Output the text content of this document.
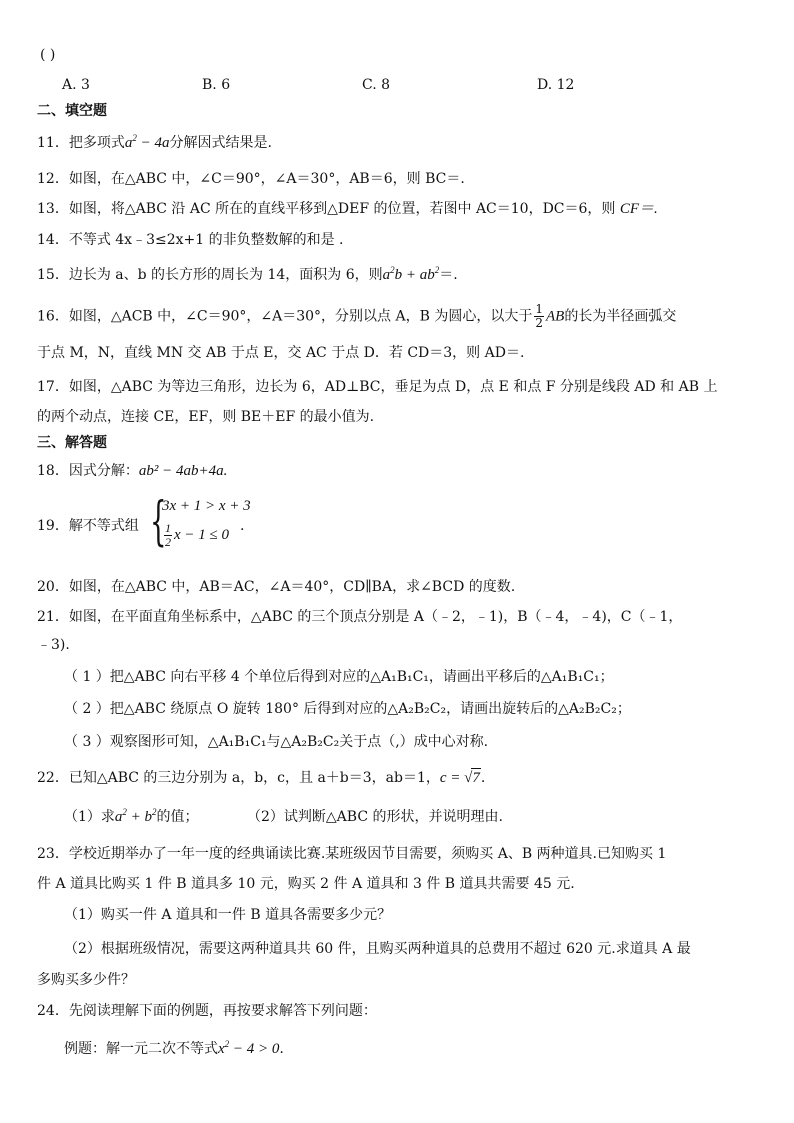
( )
A. 3	B. 6	C. 8	D. 12
二、填空题
11．把多项式$a^2 - 4a$分解因式结果是.
12．如图，在△ABC 中，∠C＝90°，∠A＝30°，AB＝6，则 BC＝.
13．如图，将△ABC 沿 AC 所在的直线平移到△DEF 的位置，若图中 AC＝10，DC＝6，则 CF＝.
14．不等式 4x﹣3≤2x+1 的非负整数解的和是 .
15．边长为 a、b 的长方形的周长为 14，面积为 6，则$a^2b + ab^2=$.
16．如图，△ACB 中，∠C＝90°，∠A＝30°，分别以点 A，B 为圆心，以大于 $\frac{1}{2}$ AB的长为半径画弧交
于点 M，N，直线 MN 交 AB 于点 E，交 AC 于点 D．若 CD＝3，则 AD＝.
17．如图，△ABC 为等边三角形，边长为 6，AD⊥BC，垂足为点 D，点 E 和点 F 分别是线段 AD 和 AB 上
的两个动点，连接 CE，EF，则 BE＋EF 的最小值为.
三、解答题
18．因式分解：ab² − 4ab+4a.
19．解不等式组 {
3x + 1 > x + 3
$\frac{1}{2}$ x − 1 ≤ 0
.
20．如图，在△ABC 中，AB＝AC，∠A＝40°，CD∥BA，求∠BCD 的度数.
21．如图，在平面直角坐标系中，△ABC 的三个顶点分别是 A（﹣2，﹣1)，B（﹣4，﹣4)，C（﹣1，
﹣3).
（ 1 ）把△ABC 向右平移 4 个单位后得到对应的△A₁B₁C₁，请画出平移后的△A₁B₁C₁；
（ 2 ）把△ABC 绕原点 O 旋转 180° 后得到对应的△A₂B₂C₂，请画出旋转后的△A₂B₂C₂；
（ 3 ）观察图形可知，△A₁B₁C₁与△A₂B₂C₂关于点（,）成中心对称.
22．已知△ABC 的三边分别为 a，b，c，且 a＋b＝3，ab＝1，c = √7.
（1）求$a^2 + b^2$的值；	（2）试判断△ABC 的形状，并说明理由.
23．学校近期举办了一年一度的经典诵读比赛.某班级因节目需要，须购买 A、B 两种道具.已知购买 1
件 A 道具比购买 1 件 B 道具多 10 元，购买 2 件 A 道具和 3 件 B 道具共需要 45 元.
（1）购买一件 A 道具和一件 B 道具各需要多少元？
（2）根据班级情况，需要这两种道具共 60 件，且购买两种道具的总费用不超过 620 元.求道具 A 最
多购买多少件？
24．先阅读理解下面的例题，再按要求解答下列问题：
例题：解一元二次不等式$x^2 - 4 > 0$.
